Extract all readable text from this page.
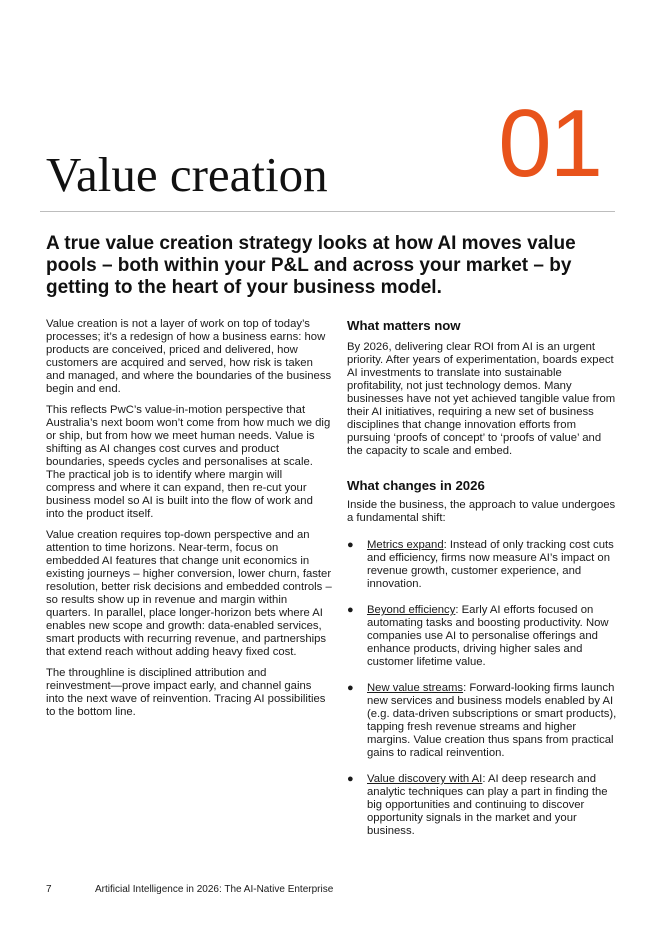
Value creation 01
A true value creation strategy looks at how AI moves value pools – both within your P&L and across your market – by getting to the heart of your business model.

Value creation is not a layer of work on top of today’s processes; it’s a redesign of how a business earns: how products are conceived, priced and delivered, how customers are acquired and served, how risk is taken and managed, and where the boundaries of the business begin and end.

This reflects PwC’s value-in-motion perspective that Australia’s next boom won’t come from how much we dig or ship, but from how we meet human needs. Value is shifting as AI changes cost curves and product boundaries, speeds cycles and personalises at scale. The practical job is to identify where margin will compress and where it can expand, then re-cut your business model so AI is built into the flow of work and into the product itself.

Value creation requires top-down perspective and an attention to time horizons. Near-term, focus on embedded AI features that change unit economics in existing journeys – higher conversion, lower churn, faster resolution, better risk decisions and embedded controls – so results show up in revenue and margin within quarters. In parallel, place longer-horizon bets where AI enables new scope and growth: data-enabled services, smart products with recurring revenue, and partnerships that extend reach without adding heavy fixed cost.

The throughline is disciplined attribution and reinvestment—prove impact early, and channel gains into the next wave of reinvention. Tracing AI possibilities to the bottom line.

What matters now

By 2026, delivering clear ROI from AI is an urgent priority. After years of experimentation, boards expect AI investments to translate into sustainable profitability, not just technology demos. Many businesses have not yet achieved tangible value from their AI initiatives, requiring a new set of business disciplines that change innovation efforts from pursuing ‘proofs of concept’ to ‘proofs of value’ and the capacity to scale and embed.

What changes in 2026

Inside the business, the approach to value undergoes a fundamental shift:

● Metrics expand: Instead of only tracking cost cuts and efficiency, firms now measure AI’s impact on revenue growth, customer experience, and innovation.
● Beyond efficiency: Early AI efforts focused on automating tasks and boosting productivity. Now companies use AI to personalise offerings and enhance products, driving higher sales and customer lifetime value.
● New value streams: Forward-looking firms launch new services and business models enabled by AI (e.g. data-driven subscriptions or smart products), tapping fresh revenue streams and higher margins. Value creation thus spans from practical gains to radical reinvention.
● Value discovery with AI: AI deep research and analytic techniques can play a part in finding the big opportunities and continuing to discover opportunity signals in the market and your business.
7	Artificial Intelligence in 2026: The AI-Native Enterprise
